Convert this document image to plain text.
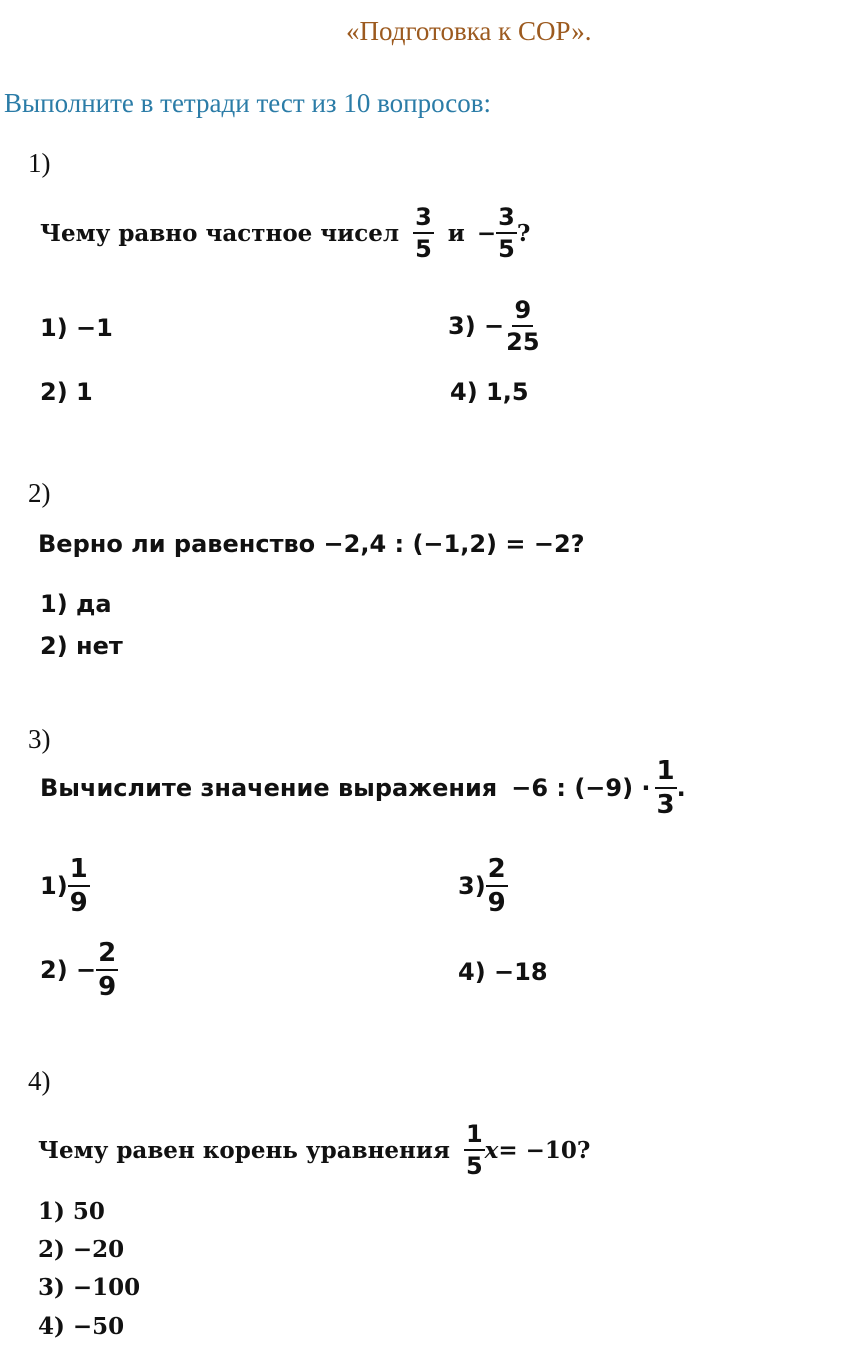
«Подготовка к СОР».
Выполните в тетради тест из 10 вопросов:
1)
Чему равно частное чисел $\frac{3}{5}$ $и - \frac{3}{5}$ ?
1) −1	$3) - \frac{9}{25}$
2) 1	4) 1,5
2)
Верно ли равенство −2,4 : (−1,2) = −2?
1) да
2) нет
3)
Вычислите значение выражения −6 : $(-9) \cdot \frac{1}{3}$ .
$1) \frac{1}{9}$	$3) \frac{2}{9}$
$2) - \frac{2}{9}$	4) −18
4)
Чему равен корень уравнения $\frac{1}{5}$ x = −10?
1) 50
2) −20
3) −100
4) −50
